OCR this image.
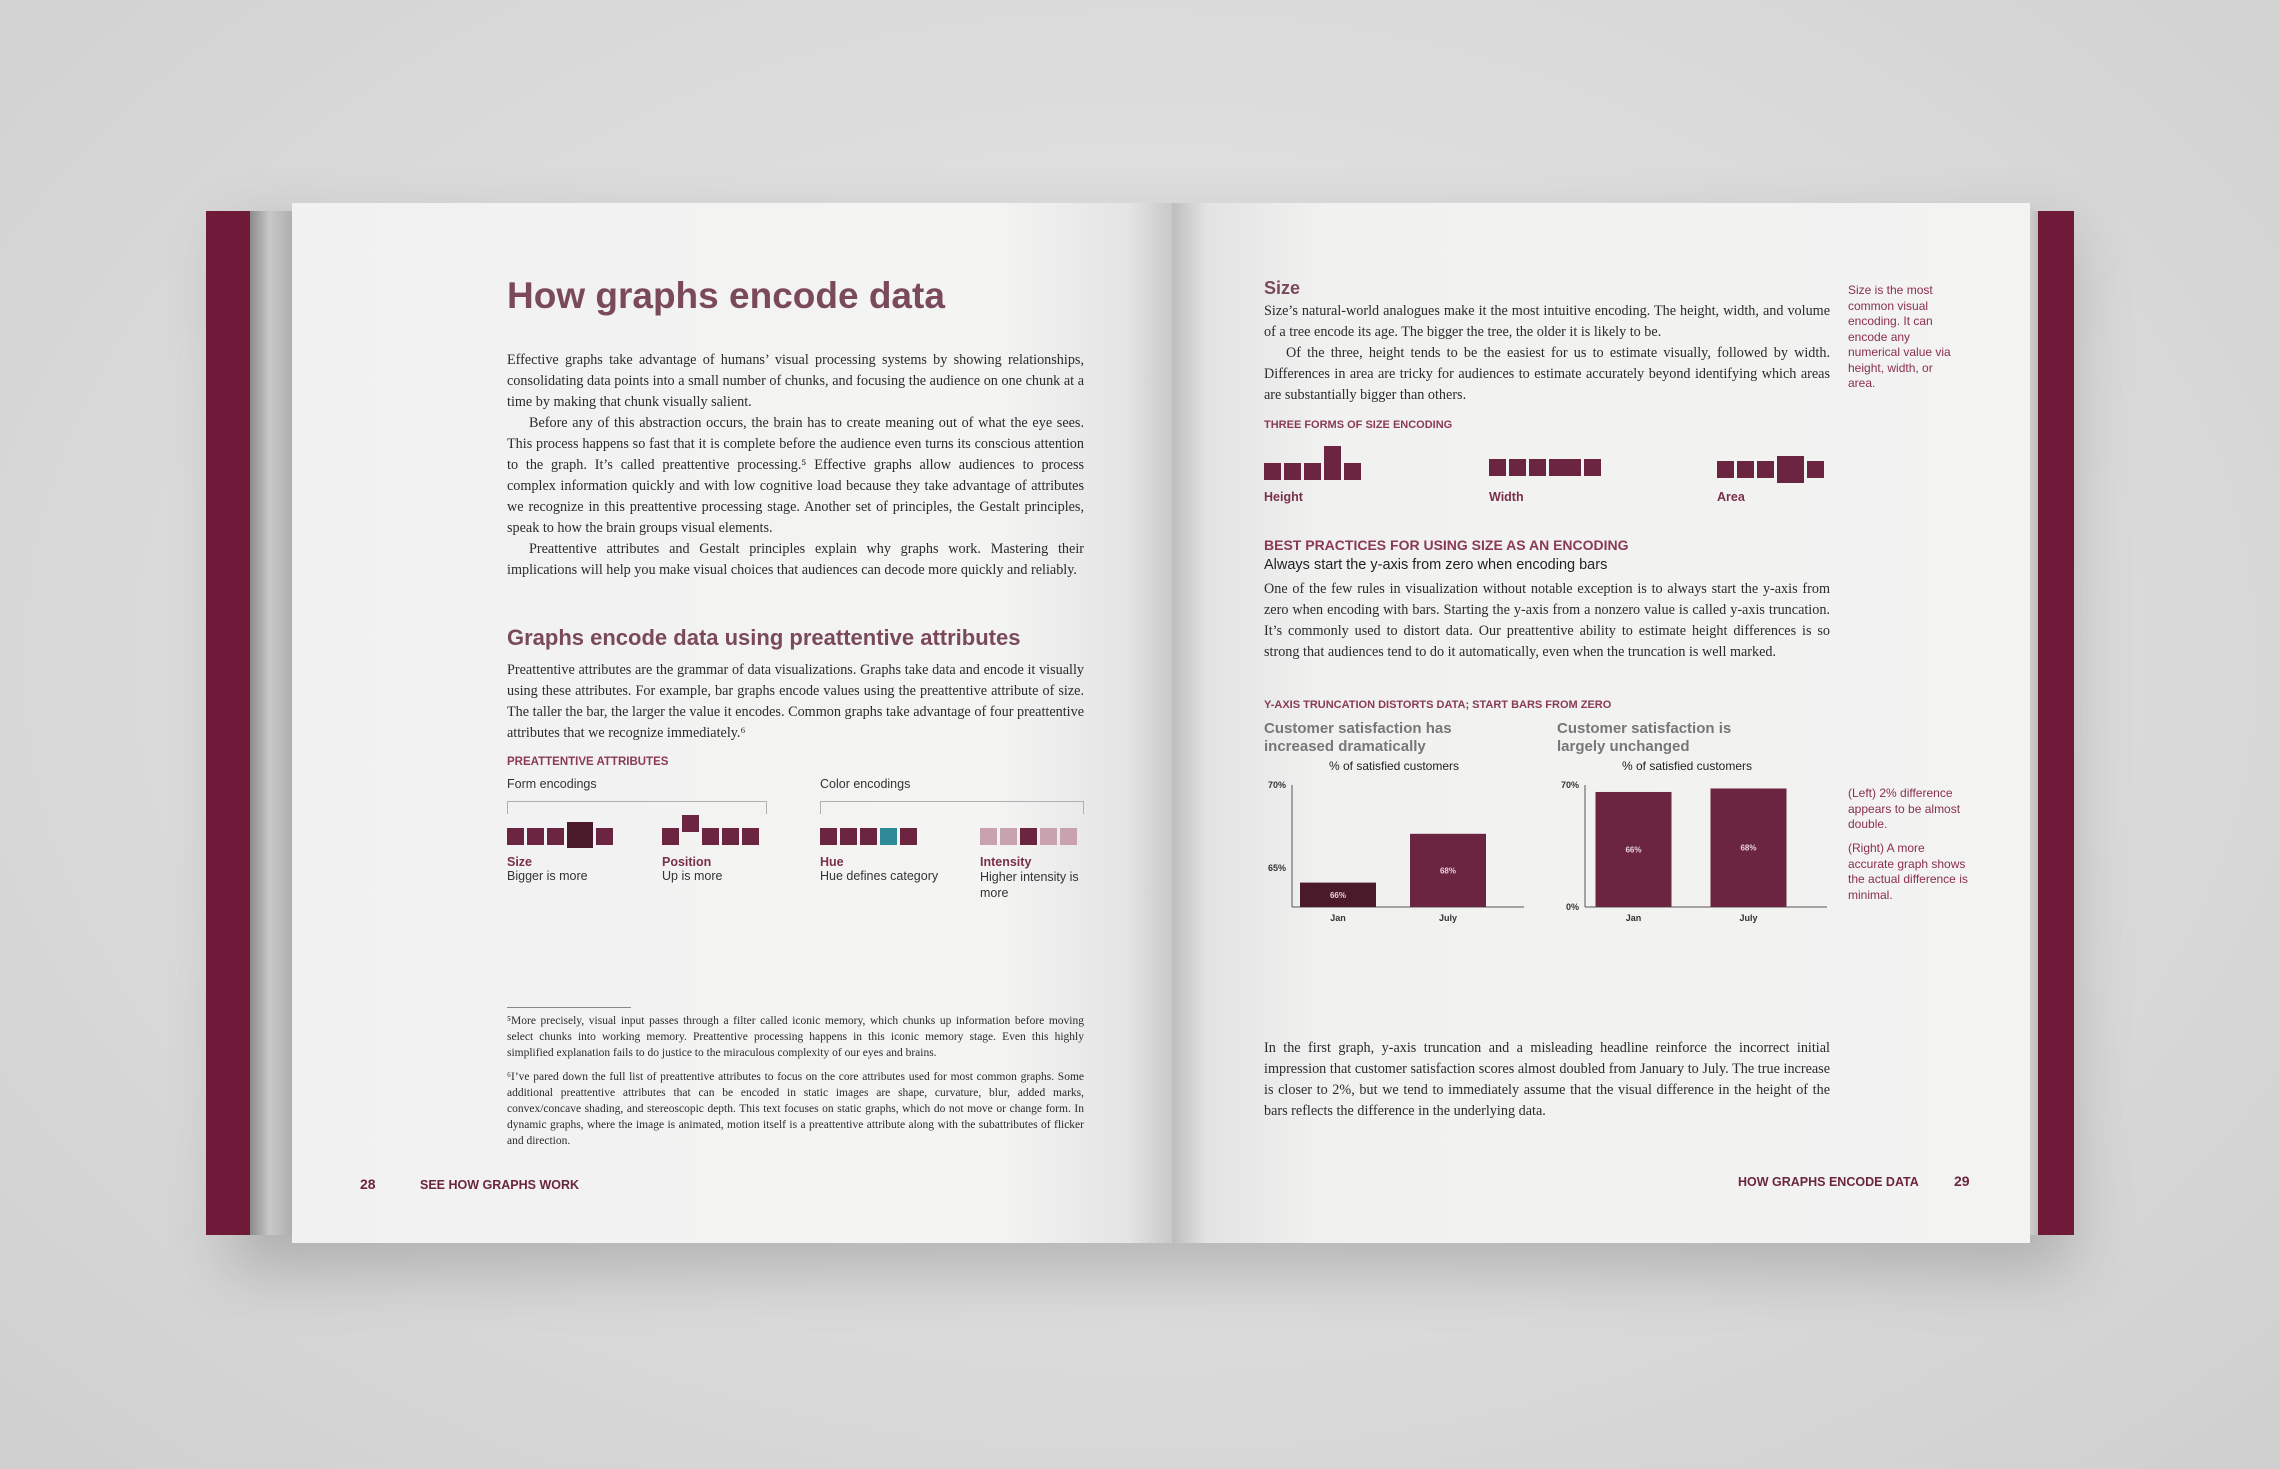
How graphs encode data

Effective graphs take advantage of humans’ visual processing systems by showing relationships, consolidating data points into a small number of chunks, and focusing the audience on one chunk at a time by making that chunk visually salient.

Before any of this abstraction occurs, the brain has to create meaning out of what the eye sees. This process happens so fast that it is complete before the audience even turns its conscious attention to the graph. It’s called preattentive processing.⁵ Effective graphs allow audiences to process complex information quickly and with low cognitive load because they take advantage of attributes we recognize in this preattentive processing stage. Another set of principles, the Gestalt principles, speak to how the brain groups visual elements.

Preattentive attributes and Gestalt principles explain why graphs work. Mastering their implications will help you make visual choices that audiences can decode more quickly and reliably.

Graphs encode data using preattentive attributes

Preattentive attributes are the grammar of data visualizations. Graphs take data and encode it visually using these attributes. For example, bar graphs encode values using the preattentive attribute of size. The taller the bar, the larger the value it encodes. Common graphs take advantage of four preattentive attributes that we recognize immediately.⁶

PREATTENTIVE ATTRIBUTES
Form encodings	Color encodings
Size
Bigger is more
Position
Up is more
Hue
Hue defines category
Intensity
Higher intensity is more

⁵More precisely, visual input passes through a filter called iconic memory, which chunks up information before moving select chunks into working memory. Preattentive processing happens in this iconic memory stage. Even this highly simplified explanation fails to do justice to the miraculous complexity of our eyes and brains.

⁶I’ve pared down the full list of preattentive attributes to focus on the core attributes used for most common graphs. Some additional preattentive attributes that can be encoded in static images are shape, curvature, blur, added marks, convex/concave shading, and stereoscopic depth. This text focuses on static graphs, which do not move or change form. In dynamic graphs, where the image is animated, motion itself is a preattentive attribute along with the subattributes of flicker and direction.

28	SEE HOW GRAPHS WORK
Size

Size’s natural-world analogues make it the most intuitive encoding. The height, width, and volume of a tree encode its age. The bigger the tree, the older it is likely to be.

Of the three, height tends to be the easiest for us to estimate visually, followed by width. Differences in area are tricky for audiences to estimate accurately beyond identifying which areas are substantially bigger than others.

Size is the most common visual encoding. It can encode any numerical value via height, width, or area.
THREE FORMS OF SIZE ENCODING
Height	Width	Area
BEST PRACTICES FOR USING SIZE AS AN ENCODING
Always start the y-axis from zero when encoding bars

One of the few rules in visualization without notable exception is to always start the y-axis from zero when encoding with bars. Starting the y-axis from a nonzero value is called y-axis truncation. It’s commonly used to distort data. Our preattentive ability to estimate height differences is so strong that audiences tend to do it automatically, even when the truncation is well marked.

Y-AXIS TRUNCATION DISTORTS DATA; START BARS FROM ZERO
Customer satisfaction has increased dramatically
% of satisfied customers
65%
70%
66%
Jan
68%
July
Customer satisfaction is largely unchanged
% of satisfied customers
0%
70%
66%
Jan
68%
July
(Left) 2% difference appears to be almost double.
(Right) A more accurate graph shows the actual difference is minimal.

In the first graph, y-axis truncation and a misleading headline reinforce the incorrect initial impression that customer satisfaction scores almost doubled from January to July. The true increase is closer to 2%, but we tend to immediately assume that the visual difference in the height of the bars reflects the difference in the underlying data.

HOW GRAPHS ENCODE DATA	29
